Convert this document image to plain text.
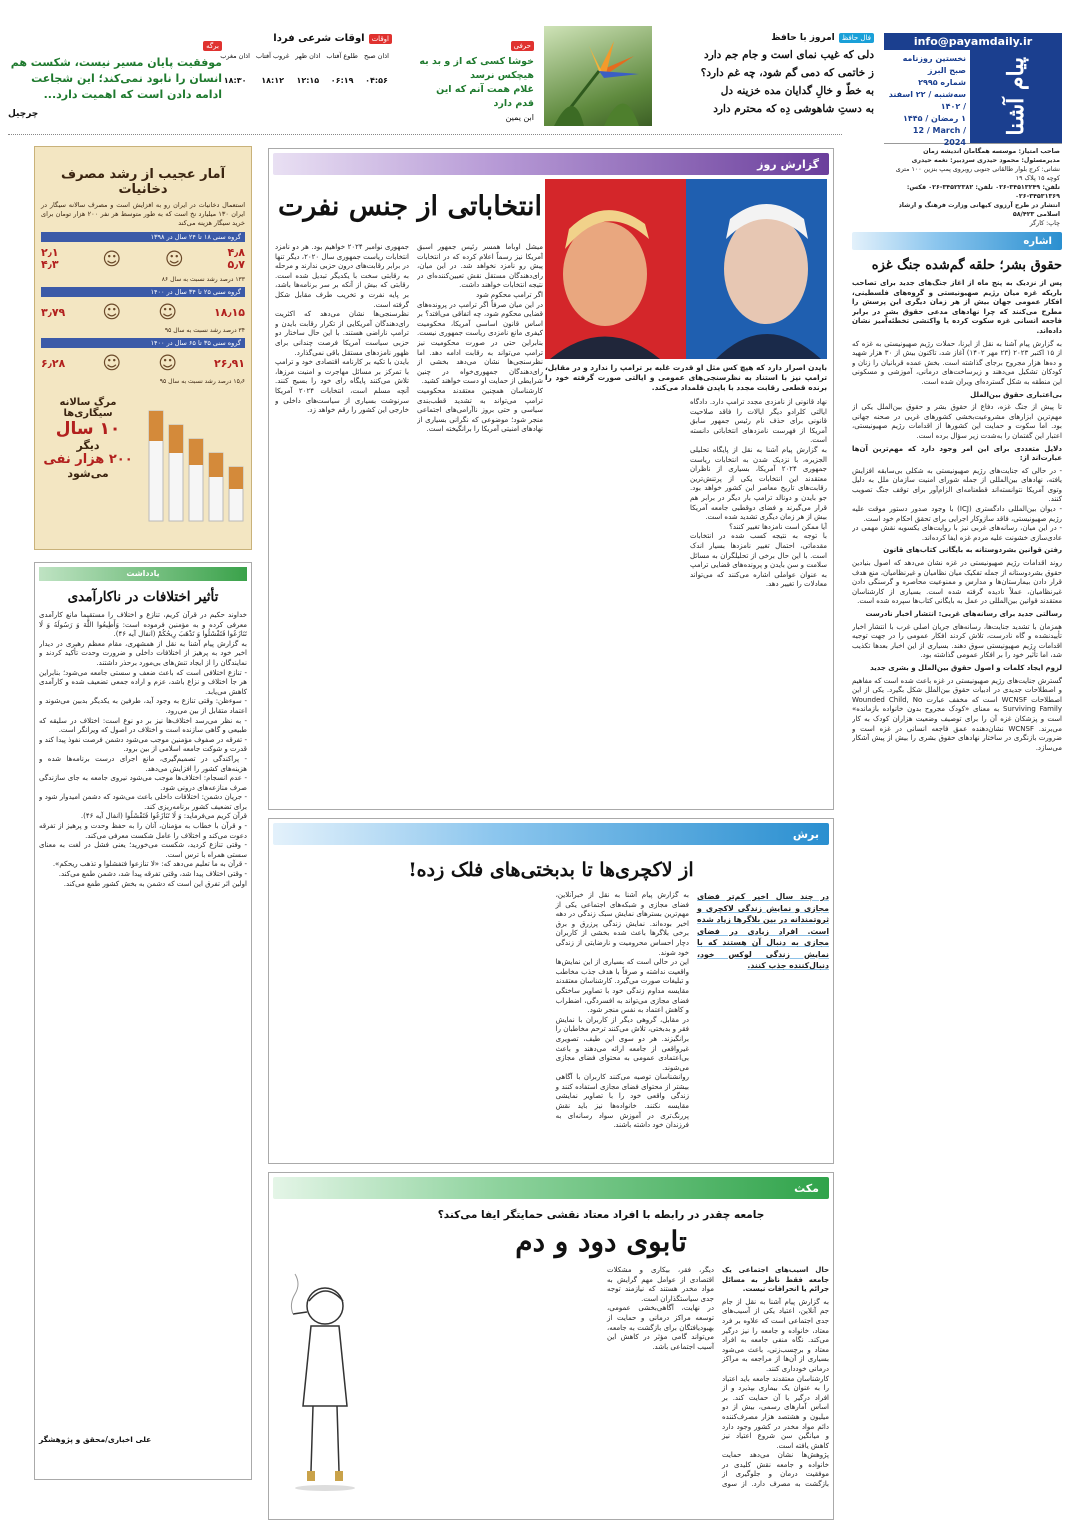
info@payamdaily.ir
پیام آشنا
نخستین روزنامه صبح البرز
شماره ۲۹۹۵
سه‌شنبه / ۲۲ اسفند / ۱۴۰۲
۱ رمضان / ۱۴۴۵
12 / March / 2024
صاحب امتیاز: موسسه همگامان اندیشه زمان
مدیرمسئول: محمود حیدری سردبیر: نغمه حیدری
نشانی: کرج بلوار طالقانی جنوبی روبروی پمپ بنزین ۱۰۰ متری کوچه ۱۵ پلاک ۱۹
تلفن: ۳۴۵۱۳۲۴۹-۰۲۶ تلفن: ۳۴۵۲۲۳۸۲-۰۲۶ فکس: ۳۴۵۳۱۳۶۹-۰۲۶
انتشار در طرح آرزوی کیهانی وزارت فرهنگ و ارشاد اسلامی ۵۸/۴۲۳
چاپ: کارگر
فال حافظ
امروز با حافظ
دلی که غیب نمای است و جام جم دارد
ز خاتمی که دمی گم شود، چه غم دارد؟
به خطّ و خالِ گدایان مده خزینه دل
به دستِ شاهوشی دِه که محترم دارد
حرفی
خوشا کسی که از و بد به
هیچکس نرسد
غلام همت آنم که این
قدم دارد
ابن یمین
اوقات
اوقات شرعی فردا
اذان صبح	طلوع آفتاب	اذان ظهر	غروب آفتاب	اذان مغرب
۰۴:۵۶	۰۶:۱۹	۱۲:۱۵	۱۸:۱۲	۱۸:۳۰
برگه
موفقیت پایان مسیر نیست، شکست هم انسان را نابود نمی‌کند؛ این شجاعت ادامه دادن است که اهمیت دارد...
چرچیل
اشاره
حقوق بشر؛ حلقه گم‌شده جنگ غزه

پس از نزدیک به پنج ماه از آغاز جنگ‌های جدید برای تصاحب باریکه غزه میان رژیم صهیونیستی و گروه‌های فلسطینی، افکار عمومی جهان بیش از هر زمان دیگری این پرسش را مطرح می‌کنند که چرا نهادهای مدعی حقوق بشر در برابر فاجعه انسانی غزه سکوت کرده یا واکنشی تخطئه‌آمیز نشان داده‌اند.

به گزارش پیام آشنا به نقل از ایرنا، حملات رژیم صهیونیستی به غزه که از ۱۵ اکتبر ۲۰۲۳ (۲۳ مهر ۱۴۰۲) آغاز شد، تاکنون بیش از ۳۰ هزار شهید و ده‌ها هزار مجروح برجای گذاشته است. بخش عمده قربانیان را زنان و کودکان تشکیل می‌دهند و زیرساخت‌های درمانی، آموزشی و مسکونی این منطقه به شکل گسترده‌ای ویران شده است.

بی‌اعتباری حقوق بین‌الملل

تا پیش از جنگ غزه، دفاع از حقوق بشر و حقوق بین‌الملل یکی از مهم‌ترین ابزارهای مشروعیت‌بخشی کشورهای غربی در صحنه جهانی بود. اما سکوت و حمایت این کشورها از اقدامات رژیم صهیونیستی، اعتبار این گفتمان را به‌شدت زیر سؤال برده است.

دلایل متعددی برای این امر وجود دارد که مهم‌ترین آن‌ها عبارت‌اند از:

- در حالی که جنایت‌های رژیم صهیونیستی به شکلی بی‌سابقه افزایش یافته، نهادهای بین‌المللی از جمله شورای امنیت سازمان ملل به دلیل وتوی آمریکا نتوانسته‌اند قطعنامه‌ای الزام‌آور برای توقف جنگ تصویب کنند.
- دیوان بین‌المللی دادگستری (ICJ) با وجود صدور دستور موقت علیه رژیم صهیونیستی، فاقد سازوکار اجرایی برای تحقق احکام خود است.
- در این میان، رسانه‌های غربی نیز با روایت‌های یکسویه نقش مهمی در عادی‌سازی خشونت علیه مردم غزه ایفا کرده‌اند.

رفتن قوانین بشردوستانه به بایگانی کتاب‌های قانون

روند اقدامات رژیم صهیونیستی در غزه نشان می‌دهد که اصول بنیادین حقوق بشردوستانه از جمله تفکیک میان نظامیان و غیرنظامیان، منع هدف قرار دادن بیمارستان‌ها و مدارس و ممنوعیت محاصره و گرسنگی دادن غیرنظامیان، عملاً نادیده گرفته شده است. بسیاری از کارشناسان معتقدند قوانین بین‌المللی در عمل به بایگانی کتاب‌ها سپرده شده است.

رسالتی جدید برای رسانه‌های غربی: انتشار اخبار نادرست

همزمان با تشدید جنایت‌ها، رسانه‌های جریان اصلی غرب با انتشار اخبار تأییدنشده و گاه نادرست، تلاش کردند افکار عمومی را در جهت توجیه اقدامات رژیم صهیونیستی سوق دهند. بسیاری از این اخبار بعدها تکذیب شد، اما تأثیر خود را بر افکار عمومی گذاشته بود.

لزوم ایجاد کلمات و اصول حقوق بین‌الملل و بشری جدید

گسترش جنایت‌های رژیم صهیونیستی در غزه باعث شده است که مفاهیم و اصطلاحات جدیدی در ادبیات حقوق بین‌الملل شکل بگیرد. یکی از این اصطلاحات WCNSF است که مخفف عبارت Wounded Child, No Surviving Family به معنای «کودک مجروح بدون خانواده بازمانده» است و پزشکان غزه آن را برای توصیف وضعیت هزاران کودک به کار می‌برند. WCNSF نشان‌دهنده عمق فاجعه انسانی در غزه است و ضرورت بازنگری در ساختار نهادهای حقوق بشری را بیش از پیش آشکار می‌سازد.

گزارش روز
انتخاباتی از جنس نفرت
میشل اوباما همسر رئیس جمهور اسبق آمریکا نیز رسماً اعلام کرده که در انتخابات پیش رو نامزد نخواهد شد. در این میان، رای‌دهندگان مستقل نقش تعیین‌کننده‌ای در نتیجه انتخابات خواهند داشت.
اگر ترامپ محکوم شود
در این میان صرفاً اگر ترامپ در پرونده‌های قضایی محکوم شود، چه اتفاقی می‌افتد؟ بر اساس قانون اساسی آمریکا، محکومیت کیفری مانع نامزدی ریاست جمهوری نیست. بنابراین حتی در صورت محکومیت نیز ترامپ می‌تواند به رقابت ادامه دهد. اما نظرسنجی‌ها نشان می‌دهد بخشی از رای‌دهندگان جمهوری‌خواه در چنین شرایطی از حمایت او دست خواهند کشید.
کارشناسان همچنین معتقدند محکومیت ترامپ می‌تواند به تشدید قطب‌بندی سیاسی و حتی بروز ناآرامی‌های اجتماعی منجر شود؛ موضوعی که نگرانی بسیاری از نهادهای امنیتی آمریکا را برانگیخته است.
جمهوری نوامبر ۲۰۲۴ خواهیم بود. هر دو نامزد انتخابات ریاست جمهوری سال ۲۰۲۰، دیگر تنها در برابر رقابت‌های درون حزبی ندارند و مرحله به رقابتی سخت با یکدیگر تبدیل شده است. رقابتی که بیش از آنکه بر سر برنامه‌ها باشد، بر پایه نفرت و تخریب طرف مقابل شکل گرفته است.
نظرسنجی‌ها نشان می‌دهد که اکثریت رای‌دهندگان آمریکایی از تکرار رقابت بایدن و ترامپ ناراضی هستند. با این حال ساختار دو حزبی سیاست آمریکا فرصت چندانی برای ظهور نامزدهای مستقل باقی نمی‌گذارد.
بایدن با تکیه بر کارنامه اقتصادی خود و ترامپ با تمرکز بر مسائل مهاجرت و امنیت مرزها، تلاش می‌کنند پایگاه رای خود را بسیج کنند. آنچه مسلم است، انتخابات ۲۰۲۴ آمریکا سرنوشت بسیاری از سیاست‌های داخلی و خارجی این کشور را رقم خواهد زد.

بایدن اصرار دارد که هیچ کس مثل او قدرت غلبه بر ترامپ را ندارد و در مقابل، ترامپ نیز با استناد به نظرسنجی‌های عمومی و ایالتی صورت گرفته خود را برنده قطعی رقابت مجدد با بایدن قلمداد می‌کند.

نهاد قانونی از نامزدی مجدد ترامپ دارد. دادگاه ایالتی کلرادو دیگر ایالات را فاقد صلاحیت قانونی برای حذف نام رئیس جمهور سابق آمریکا از فهرست نامزدهای انتخاباتی دانسته است.
به گزارش پیام آشنا به نقل از پایگاه تحلیلی الجزیره، با نزدیک شدن به انتخابات ریاست جمهوری ۲۰۲۴ آمریکا، بسیاری از ناظران معتقدند این انتخابات یکی از پرتنش‌ترین رقابت‌های تاریخ معاصر این کشور خواهد بود. جو بایدن و دونالد ترامپ بار دیگر در برابر هم قرار می‌گیرند و فضای دوقطبی جامعه آمریکا بیش از هر زمان دیگری تشدید شده است.
آیا ممکن است نامزدها تغییر کنند؟
با توجه به نتیجه کسب شده در انتخابات مقدماتی، احتمال تغییر نامزدها بسیار اندک است. با این حال برخی از تحلیلگران به مسائل سلامت و سن بایدن و پرونده‌های قضایی ترامپ به عنوان عواملی اشاره می‌کنند که می‌تواند معادلات را تغییر دهد.
برش
از لاکچری‌ها تا بدبختی‌های فلک زده!
در چند سال اخیر کم‌تر فضای مجازی و نمایش زندگی لاکچری و ثروتمندانه در بین بلاگرها زیاد شده است. افراد زیادی در فضای مجازی به دنبال آن هستند که با نمایش زندگی لوکس خود، دنبال‌کننده جذب کنند.
به گزارش پیام آشنا به نقل از خبرآنلاین، فضای مجازی و شبکه‌های اجتماعی یکی از مهم‌ترین بسترهای نمایش سبک زندگی در دهه اخیر بوده‌اند. نمایش زندگی پرزرق و برق برخی بلاگرها باعث شده بخشی از کاربران دچار احساس محرومیت و نارضایتی از زندگی خود شوند.
این در حالی است که بسیاری از این نمایش‌ها واقعیت نداشته و صرفاً با هدف جذب مخاطب و تبلیغات صورت می‌گیرد. کارشناسان معتقدند مقایسه مداوم زندگی خود با تصاویر ساختگی فضای مجازی می‌تواند به افسردگی، اضطراب و کاهش اعتماد به نفس منجر شود.
در مقابل، گروهی دیگر از کاربران با نمایش فقر و بدبختی، تلاش می‌کنند ترحم مخاطبان را برانگیزند. هر دو سوی این طیف، تصویری غیرواقعی از جامعه ارائه می‌دهند و باعث بی‌اعتمادی عمومی به محتوای فضای مجازی می‌شوند.
روانشناسان توصیه می‌کنند کاربران با آگاهی بیشتر از محتوای فضای مجازی استفاده کنند و زندگی واقعی خود را با تصاویر نمایشی مقایسه نکنند. خانواده‌ها نیز باید نقش پررنگ‌تری در آموزش سواد رسانه‌ای به فرزندان خود داشته باشند.
مکث
جامعه چقدر در رابطه با افراد معتاد نقشی حمایتگر ایفا می‌کند؟
تابوی دود و دم

حال آسیب‌های اجتماعی یک جامعه فقط ناظر به مسائل جرائم یا انحرافات نیست.

به گزارش پیام آشنا به نقل از جام جم آنلاین، اعتیاد یکی از آسیب‌های جدی اجتماعی است که علاوه بر فرد معتاد، خانواده و جامعه را نیز درگیر می‌کند. نگاه منفی جامعه به افراد معتاد و برچسب‌زنی، باعث می‌شود بسیاری از آن‌ها از مراجعه به مراکز درمانی خودداری کنند.
کارشناسان معتقدند جامعه باید اعتیاد را به عنوان یک بیماری بپذیرد و از افراد درگیر با آن حمایت کند. بر اساس آمارهای رسمی، بیش از دو میلیون و هشتصد هزار مصرف‌کننده دائم مواد مخدر در کشور وجود دارد و میانگین سن شروع اعتیاد نیز کاهش یافته است.
پژوهش‌ها نشان می‌دهد حمایت خانواده و جامعه نقش کلیدی در موفقیت درمان و جلوگیری از بازگشت به مصرف دارد. از سوی دیگر، فقر، بیکاری و مشکلات اقتصادی از عوامل مهم گرایش به مواد مخدر هستند که نیازمند توجه جدی سیاستگذاران است.
در نهایت، آگاهی‌بخشی عمومی، توسعه مراکز درمانی و حمایت از بهبودیافتگان برای بازگشت به جامعه، می‌تواند گامی مؤثر در کاهش این آسیب اجتماعی باشد.
آمار عجیب از رشد مصرف دخانیات
استعمال دخانیات در ایران رو به افزایش است و مصرف سالانه سیگار در ایران ۱۳۰ میلیارد نخ است که به طور متوسط هر نفر ۲۰۰ هزار تومان برای خرید سیگار هزینه می‌کند
گروه سنی ۱۸ تا ۲۴ سال در ۱۳۹۸
۴٫۸
۵٫۷
☺
☺
۲٫۱
۴٫۳
۱۳۳ درصد رشد نسبت به سال ۸۶
گروه سنی ۲۵ تا ۳۴ سال در ۱۴۰۰
۱۸٫۱۵
☺
☺
۳٫۷۹
۳۴ درصد رشد نسبت به سال ۹۵
گروه سنی ۳۵ تا ۶۵ سال در ۱۴۰۰
۲۶٫۹۱
☺
☺
۶٫۲۸
۱۵٫۶ درصد رشد نسبت به سال ۹۵
مرگ سالانه سیگاری‌ها
۱۰ سال
دیگر
۲۰۰ هزار نفی
می‌شود
یادداشت
تأثیر اختلافات در ناکارآمدی
خداوند حکیم در قرآن کریم، تنازع و اختلاف را مستقیماً مانع کارآمدی معرفی کرده و به مؤمنین فرموده است: وَأَطِيعُوا اللَّهَ وَ رَسُولَهُ وَ لَا تَنَازَعُوا فَتَفْشَلُوا وَ تَذْهَبَ رِيحُكُمْ (انفال آیه ۴۶).
به گزارش پیام آشنا به نقل از همشهری، مقام معظم رهبری در دیدار اخیر خود به پرهیز از اختلافات داخلی و ضرورت وحدت تأکید کردند و نمایندگان را از ایجاد تنش‌های بی‌مورد برحذر داشتند.
- تنازع اختلافی است که باعث ضعف و سستی جامعه می‌شود؛ بنابراین هر جا اختلاف و نزاع باشد، عزم و اراده جمعی تضعیف شده و کارآمدی کاهش می‌یابد.
- سوءظن: وقتی تنازع به وجود آید، طرفین به یکدیگر بدبین می‌شوند و اعتماد متقابل از بین می‌رود.
- به نظر می‌رسد اختلاف‌ها نیز بر دو نوع است: اختلاف در سلیقه که طبیعی و گاهی سازنده است و اختلاف در اصول که ویرانگر است.
- تفرقه در صفوف مؤمنین موجب می‌شود دشمن فرصت نفوذ پیدا کند و قدرت و شوکت جامعه اسلامی از بین برود.
- پراکندگی در تصمیم‌گیری، مانع اجرای درست برنامه‌ها شده و هزینه‌های کشور را افزایش می‌دهد.
- عدم انسجام: اختلاف‌ها موجب می‌شود نیروی جامعه به جای سازندگی صرف منازعه‌های درونی شود.
- جریان دشمن: اختلافات داخلی باعث می‌شود که دشمن امیدوار شود و برای تضعیف کشور برنامه‌ریزی کند.
قرآن کریم می‌فرماید: وَ لَا تَنَازَعُوا فَتَفْشَلُوا (انفال آیه ۴۶).
- و قرآن با خطاب به مؤمنان، آنان را به حفظ وحدت و پرهیز از تفرقه دعوت می‌کند و اختلاف را عامل شکست معرفی می‌کند.
- وقتی تنازع کردید، شکست می‌خورید؛ یعنی فشل در لغت به معنای سستی همراه با ترس است.
- قرآن به ما تعلیم می‌دهد که: «لا تنازعوا فتفشلوا و تذهب ریحکم».
- وقتی اختلاف پیدا شد، وقتی تفرقه پیدا شد، دشمن طمع می‌کند.
اولین اثر تفرق این است که دشمن به بخش کشور طمع می‌کند.
علی اخباری/محقق و پژوهشگر
